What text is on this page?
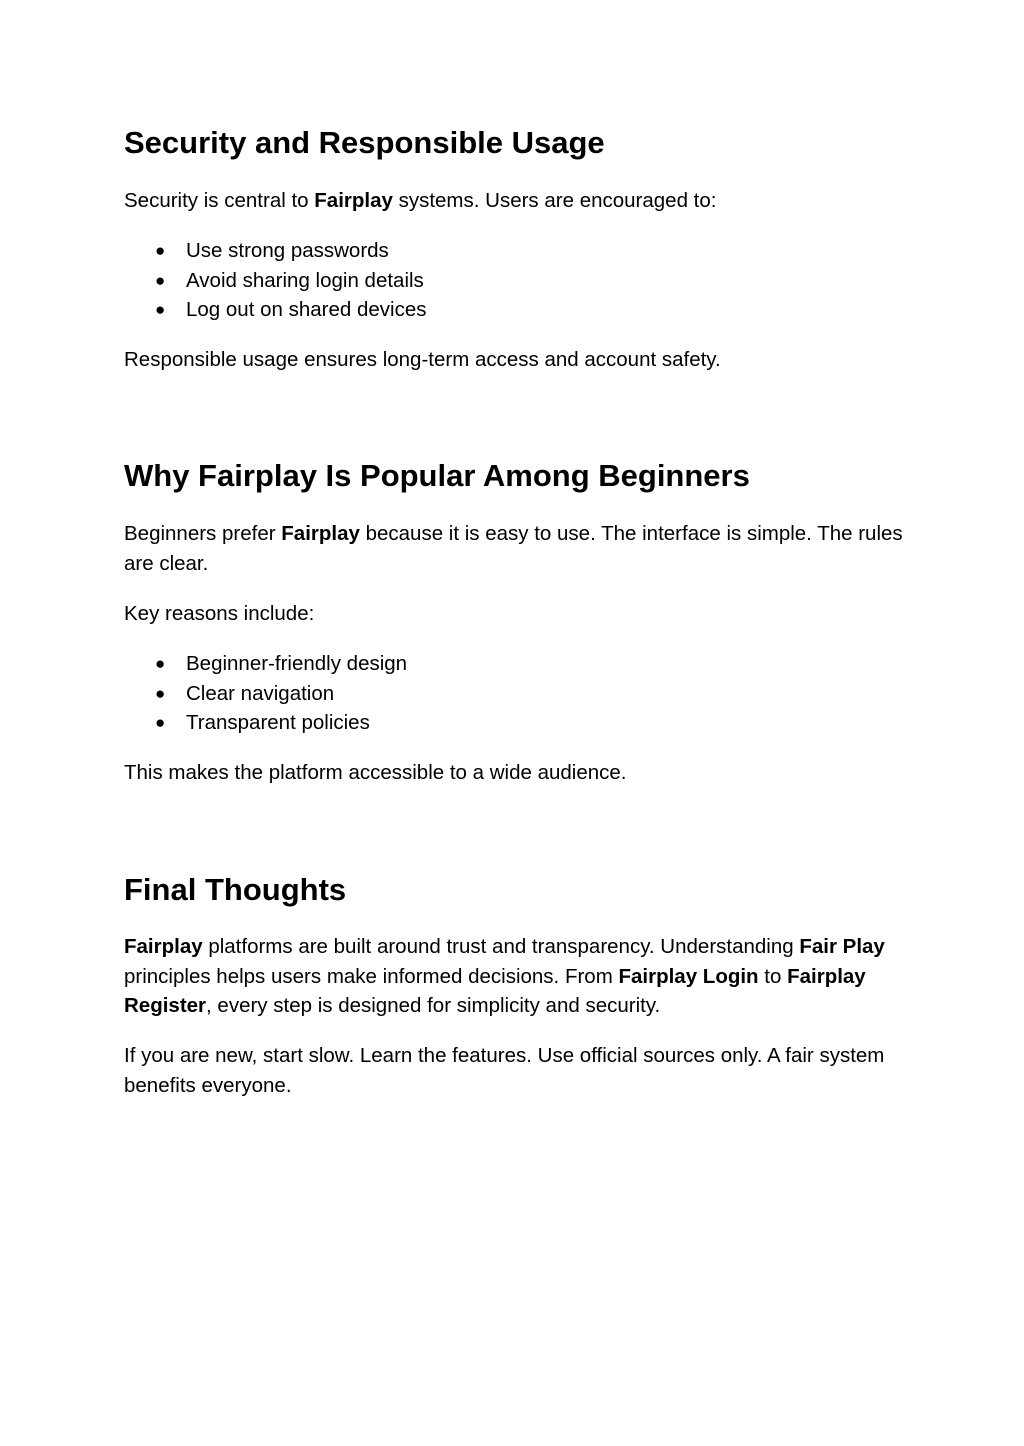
Security and Responsible Usage

Security is central to Fairplay systems. Users are encouraged to:

● Use strong passwords
● Avoid sharing login details
● Log out on shared devices

Responsible usage ensures long-term access and account safety.

Why Fairplay Is Popular Among Beginners

Beginners prefer Fairplay because it is easy to use. The interface is simple. The rules are clear.

Key reasons include:

● Beginner-friendly design
● Clear navigation
● Transparent policies

This makes the platform accessible to a wide audience.

Final Thoughts

Fairplay platforms are built around trust and transparency. Understanding Fair Play principles helps users make informed decisions. From Fairplay Login to Fairplay Register, every step is designed for simplicity and security.

If you are new, start slow. Learn the features. Use official sources only. A fair system benefits everyone.
